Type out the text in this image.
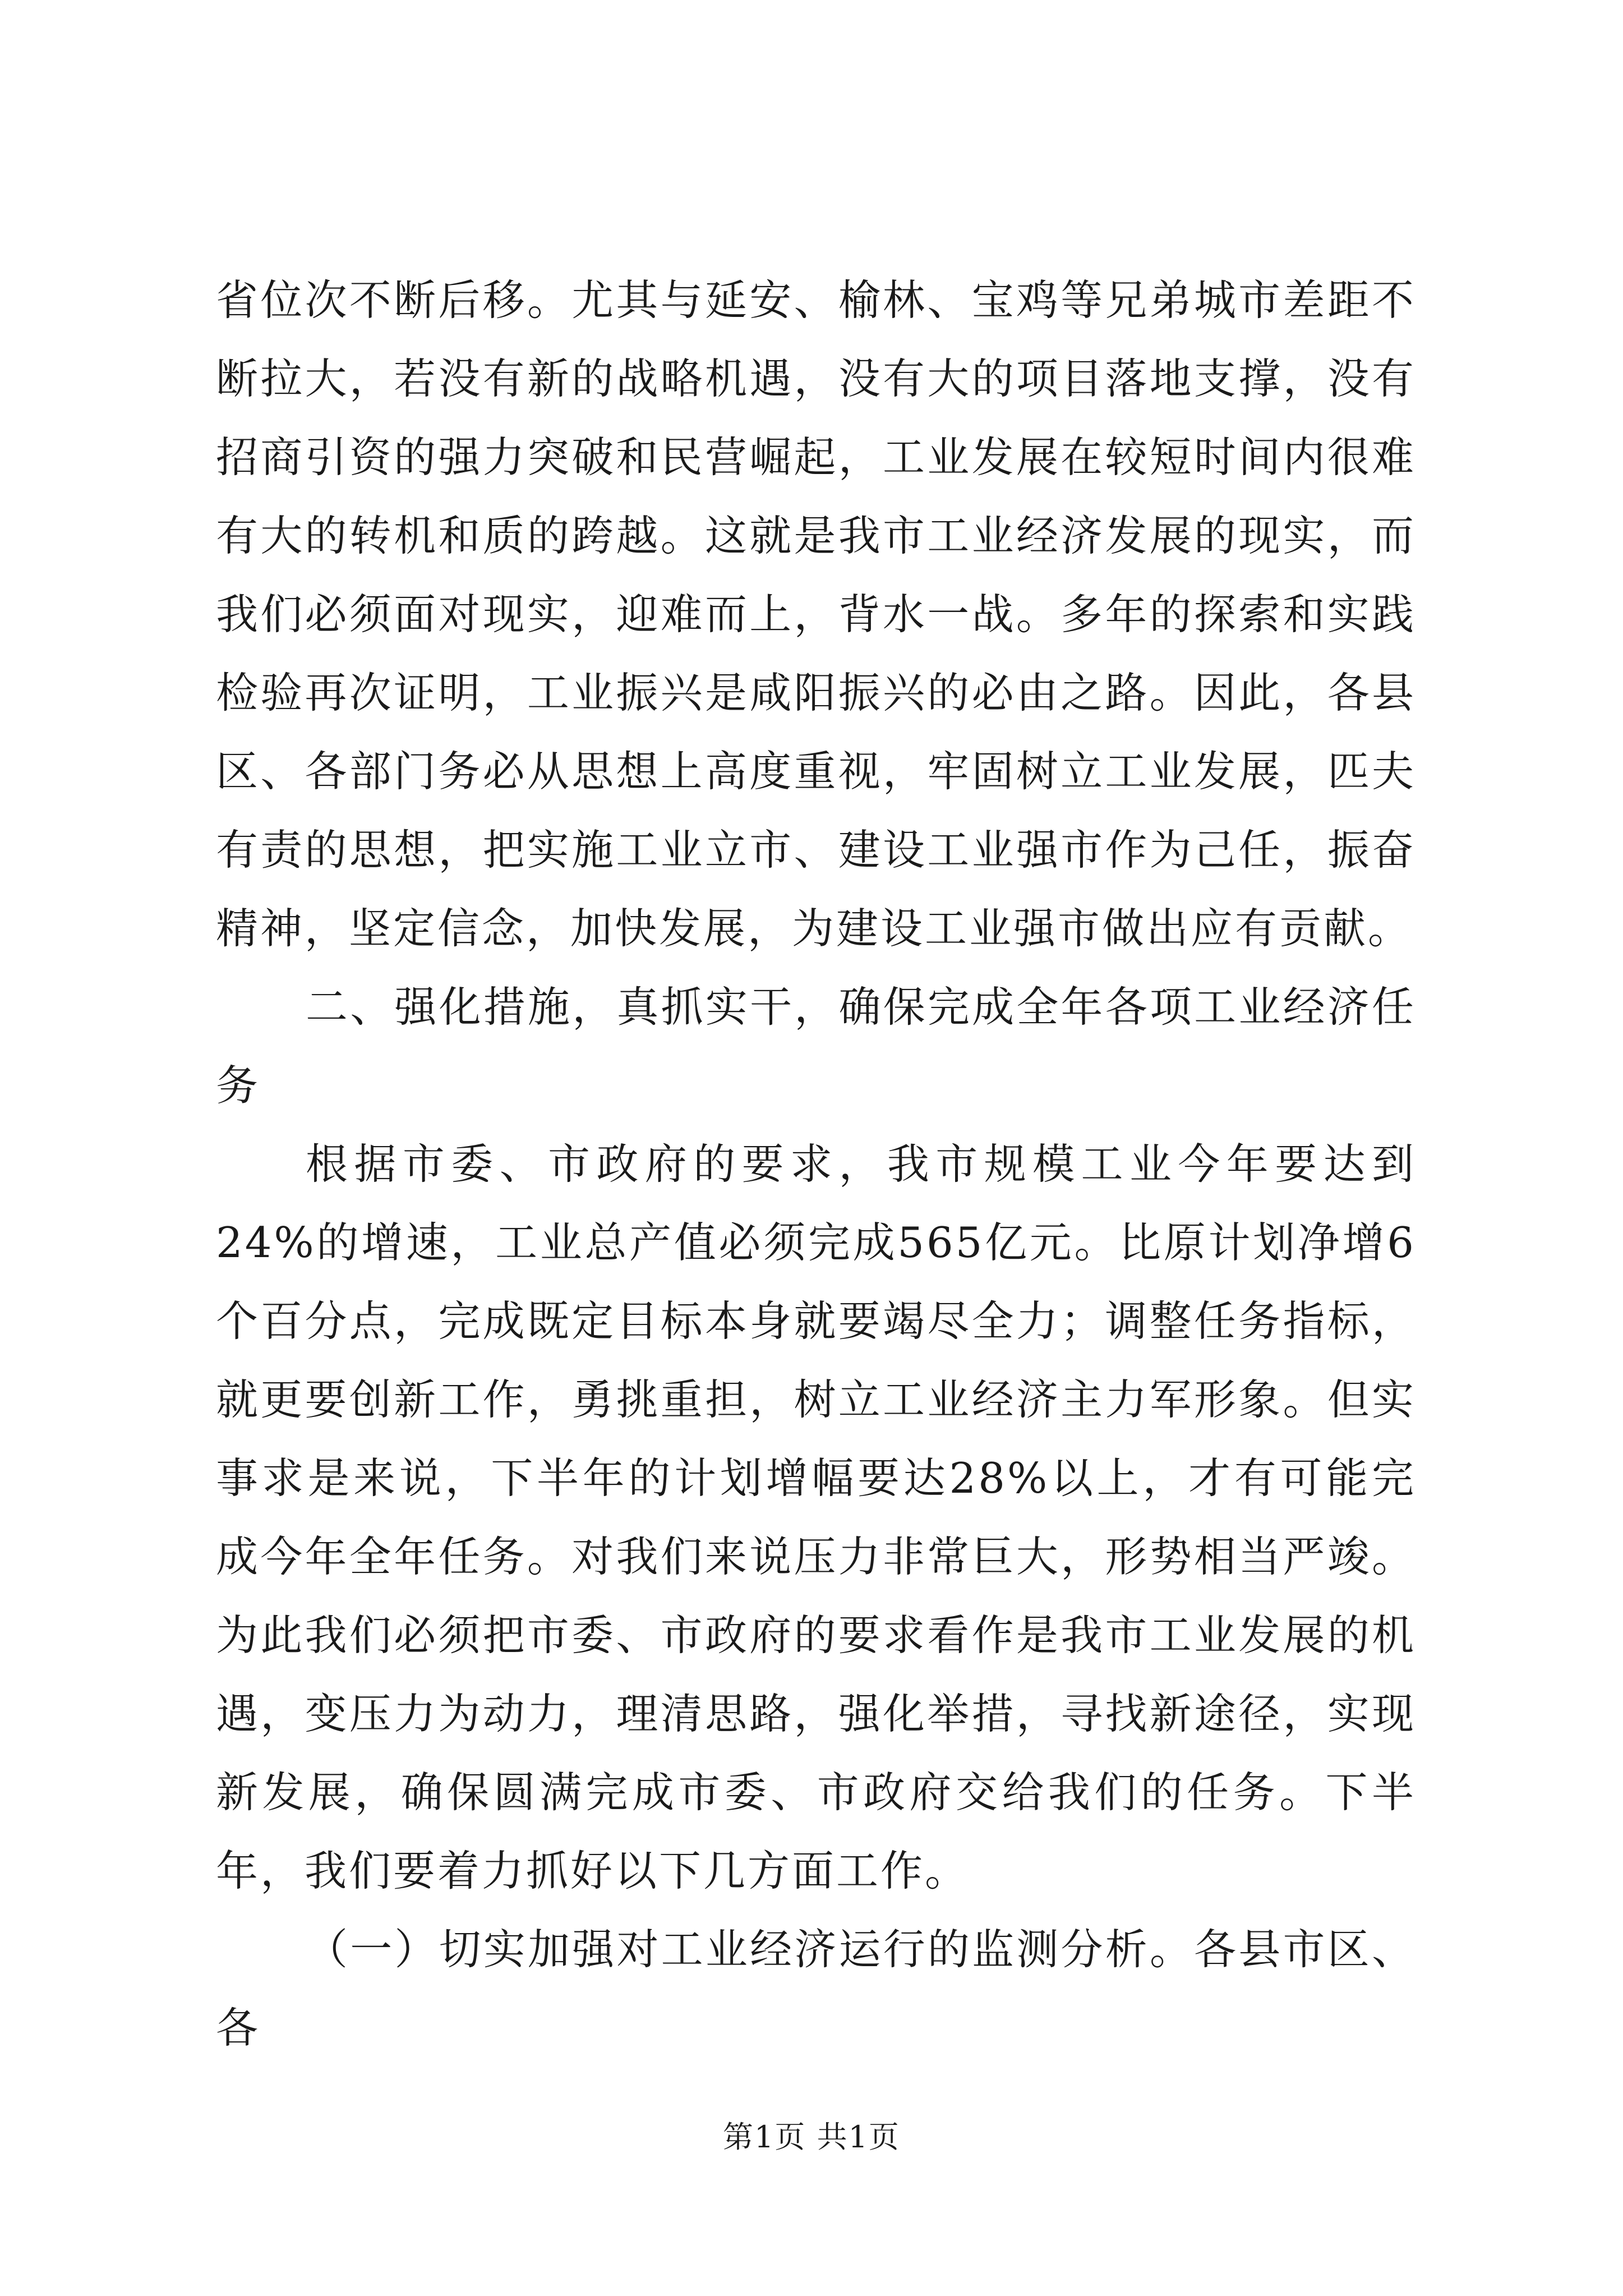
省位次不断后移。尤其与延安、榆林、宝鸡等兄弟城市差距不断拉大，若没有新的战略机遇，没有大的项目落地支撑，没有招商引资的强力突破和民营崛起，工业发展在较短时间内很难有大的转机和质的跨越。这就是我市工业经济发展的现实，而我们必须面对现实，迎难而上，背水一战。多年的探索和实践检验再次证明，工业振兴是咸阳振兴的必由之路。因此，各县区、各部门务必从思想上高度重视，牢固树立工业发展，匹夫有责的思想，把实施工业立市、建设工业强市作为己任，振奋精神，坚定信念，加快发展，为建设工业强市做出应有贡献。

二、强化措施，真抓实干，确保完成全年各项工业经济任务

根据市委、市政府的要求，我市规模工业今年要达到24%的增速，工业总产值必须完成565亿元。比原计划净增6个百分点，完成既定目标本身就要竭尽全力；调整任务指标，就更要创新工作，勇挑重担，树立工业经济主力军形象。但实事求是来说，下半年的计划增幅要达28%以上，才有可能完成今年全年任务。对我们来说压力非常巨大，形势相当严竣。为此我们必须把市委、市政府的要求看作是我市工业发展的机遇，变压力为动力，理清思路，强化举措，寻找新途径，实现新发展，确保圆满完成市委、市政府交给我们的任务。下半年，我们要着力抓好以下几方面工作。

（一）切实加强对工业经济运行的监测分析。各县市区、各

第1页 共1页
